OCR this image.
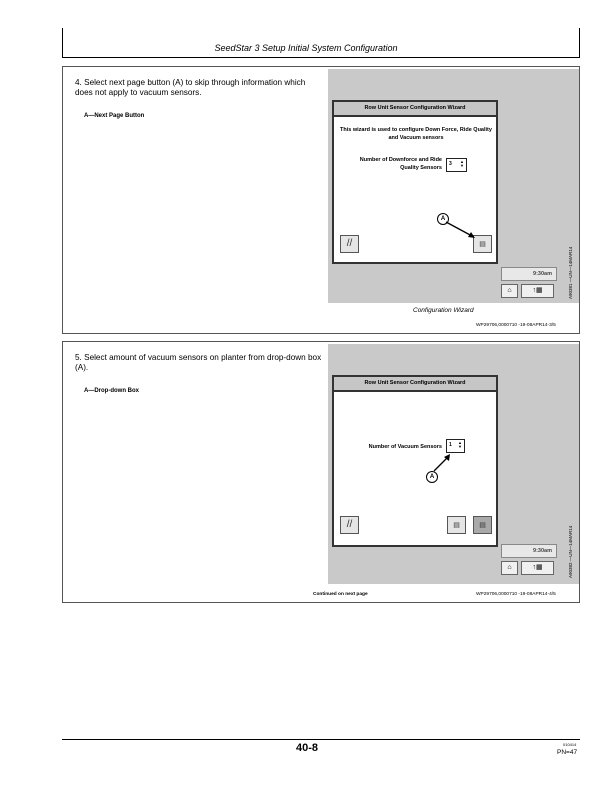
SeedStar 3 Setup Initial System Configuration
4. Select next page button (A) to skip through information which does not apply to vacuum sensors.
A—Next Page Button
Row Unit Sensor Configuration Wizard
This wizard is used to configure Down Force, Ride Quality and Vacuum sensors
Number of Downforce and Ride Quality Sensors
3 ▲
▼
//	▤
A
9:30am
⌂	↑▦	A90381 —UN—14MAR14
Configuration Wizard
WP29706,0000710 -19-08APR14-3/5
5. Select amount of vacuum sensors on planter from drop-down box (A).
A—Drop-down Box
Row Unit Sensor Configuration Wizard
Number of Vacuum Sensors 1 ▲
▼
A
//	▤	▤
9:30am
⌂	↑▦	A90382 —UN—14MAR14
Continued on next page	WP29706,0000710 -19-08APR14-4/5
40-8	010414
PN=47
